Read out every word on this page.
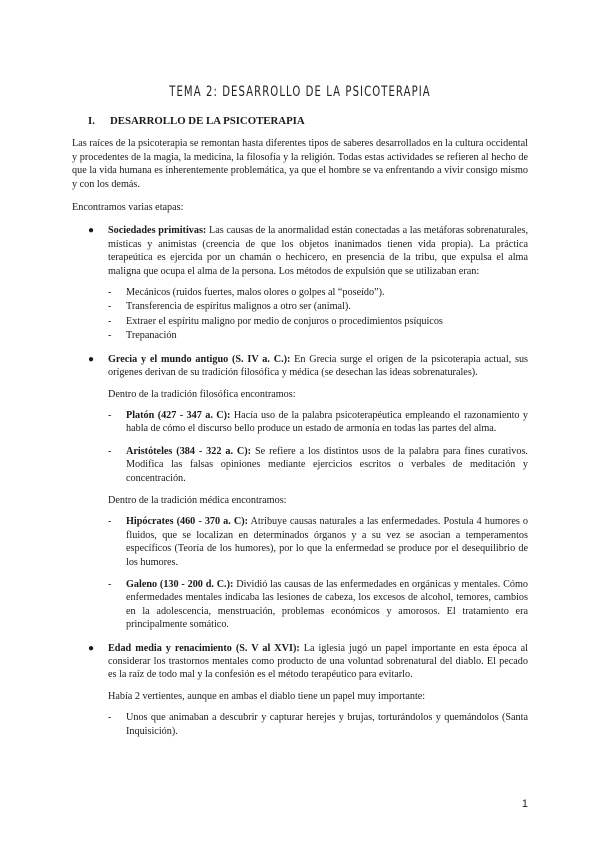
TEMA 2: DESARROLLO DE LA PSICOTERAPIA
I. DESARROLLO DE LA PSICOTERAPIA

Las raíces de la psicoterapia se remontan hasta diferentes tipos de saberes desarrollados en la cultura occidental y procedentes de la magia, la medicina, la filosofía y la religión. Todas estas actividades se refieren al hecho de que la vida humana es inherentemente problemática, ya que el hombre se va enfrentando a vivir consigo mismo y con los demás.

Encontramos varias etapas:

● Sociedades primitivas: Las causas de la anormalidad están conectadas a las metáforas sobrenaturales, místicas y animistas (creencia de que los objetos inanimados tienen vida propia). La práctica terapeútica es ejercida por un chamán o hechicero, en presencia de la tribu, que expulsa el alma maligna que ocupa el alma de la persona. Los métodos de expulsión que se utilizaban eran:

- Mecánicos (ruidos fuertes, malos olores o golpes al “poseído”).
- Transferencia de espíritus malignos a otro ser (animal).
- Extraer el espíritu maligno por medio de conjuros o procedimientos psíquicos
- Trepanación
● Grecia y el mundo antiguo (S. IV a. C.): En Grecia surge el origen de la psicoterapia actual, sus orígenes derivan de su tradición filosófica y médica (se desechan las ideas sobrenaturales).

Dentro de la tradición filosófica encontramos:

- Platón (427 - 347 a. C): Hacía uso de la palabra psicoterapéutica empleando el razonamiento y habla de cómo el discurso bello produce un estado de armonía en todas las partes del alma.
- Aristóteles (384 - 322 a. C): Se refiere a los distintos usos de la palabra para fines curativos. Modifica las falsas opiniones mediante ejercicios escritos o verbales de meditación y concentración.

Dentro de la tradición médica encontramos:

- Hipócrates (460 - 370 a. C): Atribuye causas naturales a las enfermedades. Postula 4 humores o fluidos, que se localizan en determinados órganos y a su vez se asocian a temperamentos específicos (Teoría de los humores), por lo que la enfermedad se produce por el desequilibrio de los humores.
- Galeno (130 - 200 d. C.): Dividió las causas de las enfermedades en orgánicas y mentales. Cómo enfermedades mentales indicaba las lesiones de cabeza, los excesos de alcohol, temores, cambios en la adolescencia, menstruación, problemas económicos y amorosos. El tratamiento era principalmente somático.
● Edad media y renacimiento (S. V al XVI): La iglesia jugó un papel importante en esta época al considerar los trastornos mentales como producto de una voluntad sobrenatural del diablo. El pecado es la raíz de todo mal y la confesión es el método terapéutico para evitarlo.

Había 2 vertientes, aunque en ambas el diablo tiene un papel muy importante:

- Unos que animaban a descubrir y capturar herejes y brujas, torturándolos y quemándolos (Santa Inquisición).
1
